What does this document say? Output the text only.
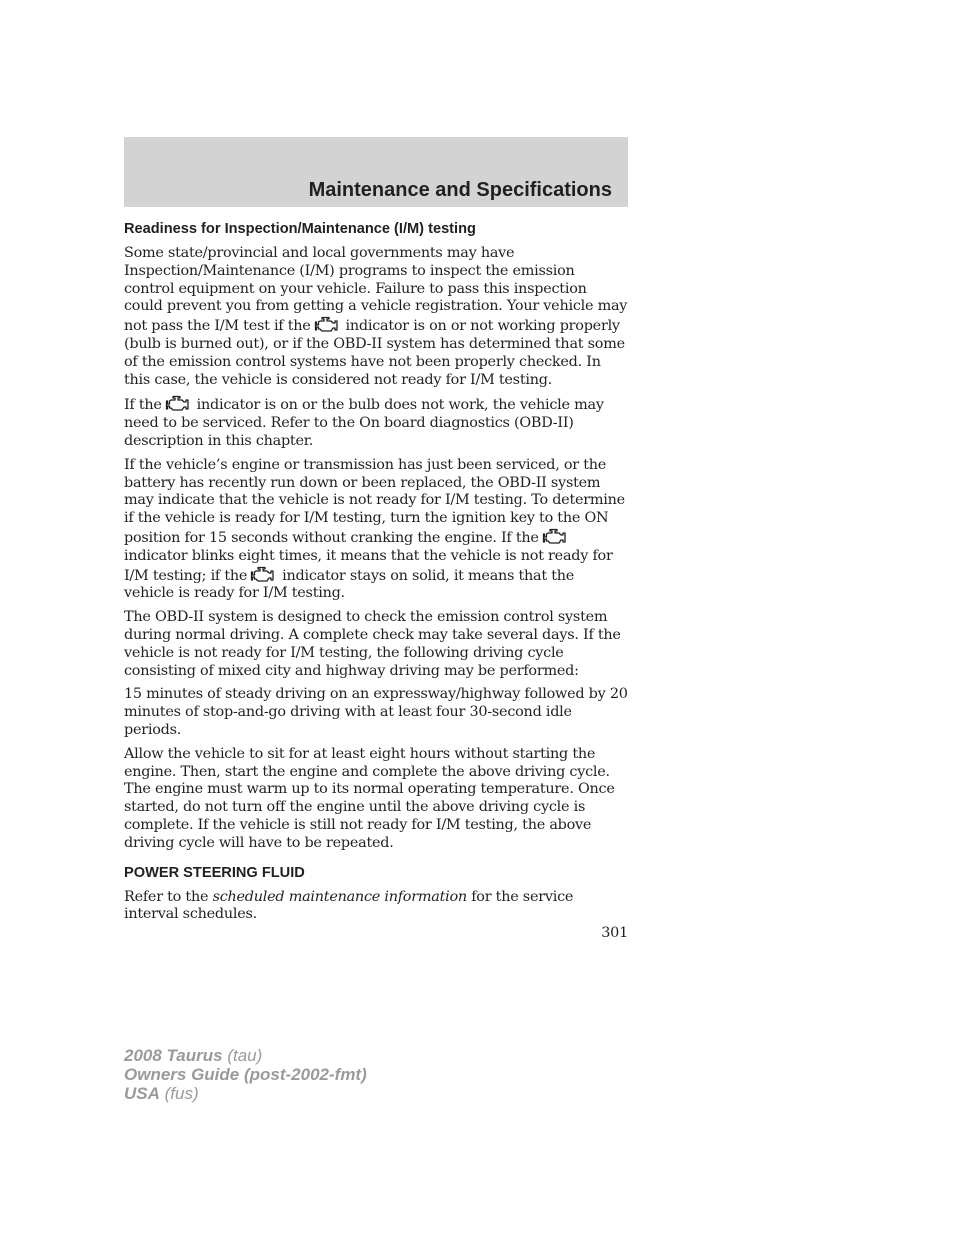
Maintenance and Specifications
Readiness for Inspection/Maintenance (I/M) testing

Some state/provincial and local governments may have Inspection/Maintenance (I/M) programs to inspect the emission control equipment on your vehicle. Failure to pass this inspection could prevent you from getting a vehicle registration. Your vehicle may not pass the I/M test if the indicator is on or not working properly (bulb is burned out), or if the OBD-II system has determined that some of the emission control systems have not been properly checked. In this case, the vehicle is considered not ready for I/M testing.

If the indicator is on or the bulb does not work, the vehicle may need to be serviced. Refer to the On board diagnostics (OBD-II) description in this chapter.

If the vehicle’s engine or transmission has just been serviced, or the battery has recently run down or been replaced, the OBD-II system may indicate that the vehicle is not ready for I/M testing. To determine if the vehicle is ready for I/M testing, turn the ignition key to the ON position for 15 seconds without cranking the engine. If the
indicator blinks eight times, it means that the vehicle is not ready for I/M testing; if the indicator stays on solid, it means that the vehicle is ready for I/M testing.

The OBD-II system is designed to check the emission control system during normal driving. A complete check may take several days. If the vehicle is not ready for I/M testing, the following driving cycle consisting of mixed city and highway driving may be performed:

15 minutes of steady driving on an expressway/highway followed by 20 minutes of stop-and-go driving with at least four 30-second idle periods.

Allow the vehicle to sit for at least eight hours without starting the engine. Then, start the engine and complete the above driving cycle. The engine must warm up to its normal operating temperature. Once started, do not turn off the engine until the above driving cycle is complete. If the vehicle is still not ready for I/M testing, the above driving cycle will have to be repeated.

POWER STEERING FLUID

Refer to the scheduled maintenance information for the service interval schedules.

301

2008 Taurus (tau)
Owners Guide (post-2002-fmt)
USA (fus)
